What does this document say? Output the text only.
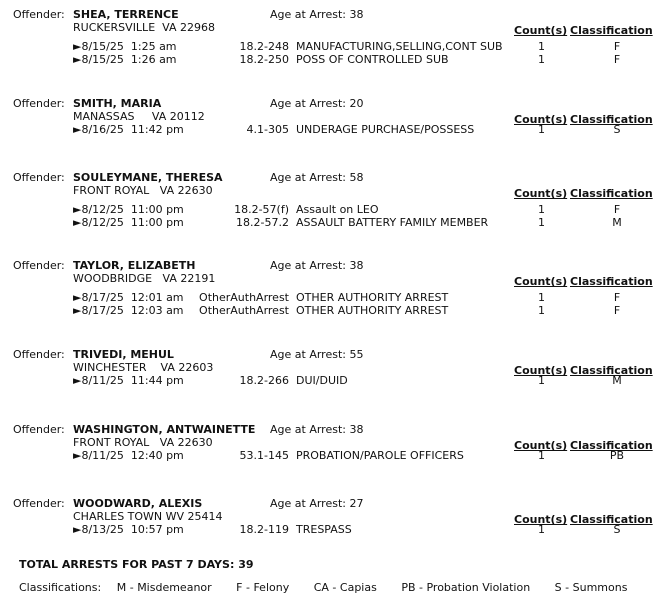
Offender: SHEA, TERRENCE	Age at Arrest: 38
RUCKERSVILLE  VA 22968	Count(s) Classification
►8/15/25  1:25 am	18.2-248 MANUFACTURING,SELLING,CONT SUB	1	F
►8/15/25  1:26 am	18.2-250 POSS OF CONTROLLED SUB	1	F
Offender: SMITH, MARIA	Age at Arrest: 20
MANASSAS     VA 20112	Count(s) Classification
►8/16/25  11:42 pm	4.1-305 UNDERAGE PURCHASE/POSSESS	1	S
Offender: SOULEYMANE, THERESA	Age at Arrest: 58
FRONT ROYAL   VA 22630	Count(s) Classification
►8/12/25  11:00 pm	18.2-57(f) Assault on LEO	1	F
►8/12/25  11:00 pm	18.2-57.2 ASSAULT BATTERY FAMILY MEMBER	1	M
Offender: TAYLOR, ELIZABETH	Age at Arrest: 38
WOODBRIDGE   VA 22191	Count(s) Classification
►8/17/25  12:01 am OtherAuthArrest OTHER AUTHORITY ARREST	1	F
►8/17/25  12:03 am OtherAuthArrest OTHER AUTHORITY ARREST	1	F
Offender: TRIVEDI, MEHUL	Age at Arrest: 55
WINCHESTER    VA 22603	Count(s) Classification
►8/11/25  11:44 pm	18.2-266 DUI/DUID	1	M
Offender: WASHINGTON, ANTWAINETTE Age at Arrest: 38
FRONT ROYAL   VA 22630	Count(s) Classification
►8/11/25  12:40 pm	53.1-145 PROBATION/PAROLE OFFICERS	1	PB
Offender: WOODWARD, ALEXIS	Age at Arrest: 27
CHARLES TOWN WV 25414	Count(s) Classification
►8/13/25  10:57 pm	18.2-119 TRESPASS	1	S
TOTAL ARRESTS FOR PAST 7 DAYS: 39
Classifications: M - Misdemeanor F - Felony CA - Capias PB - Probation Violation S - Summons
